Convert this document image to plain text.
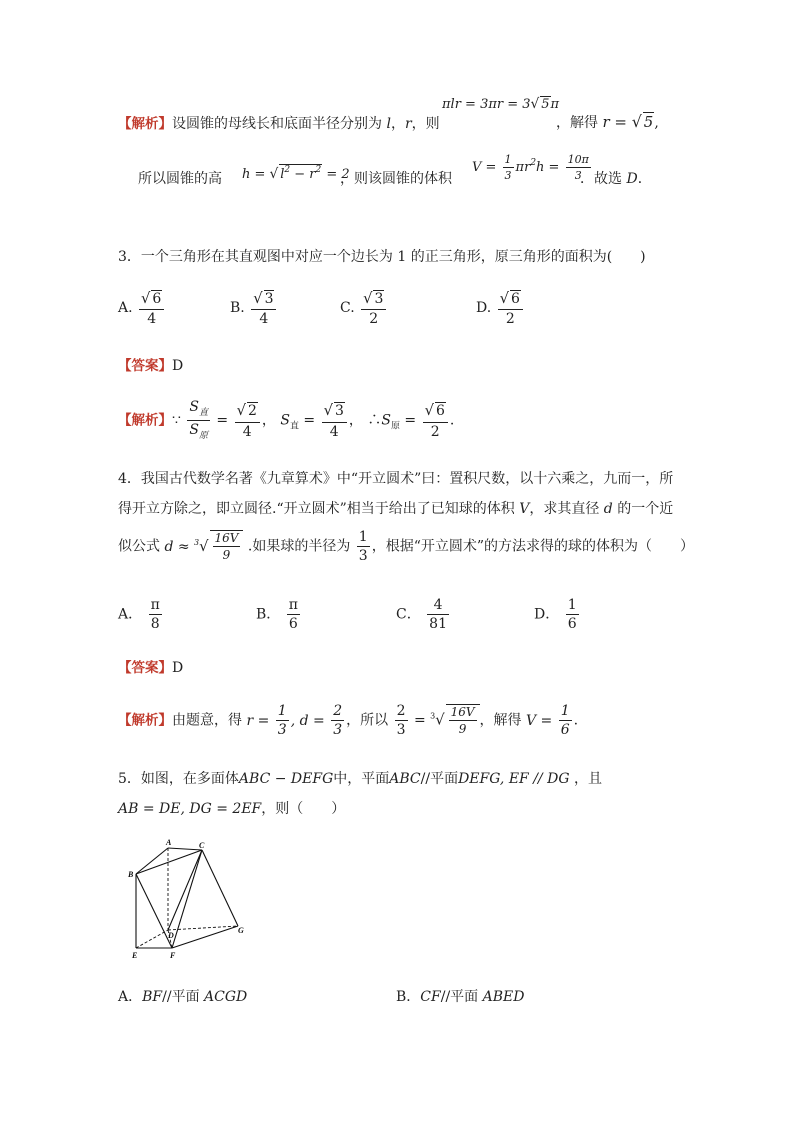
【解析】设圆锥的母线长和底面半径分别为 l，r，则
πlr = 3πr = 3√ 5π
，解得 r = √ 5,
所以圆锥的高 h = √ $l^2 - r^2 = 2$
，则该圆锥的体积
$V = \frac{1}{3} \pi r^2h = \frac{10\pi}{3}$
．故选 D．
3．一个三角形在其直观图中对应一个边长为 1 的正三角形，原三角形的面积为(　　)
A. $\frac{√ 6}{4}$	B. $\frac{√ 3}{4}$	C. $\frac{√ 3}{2}$	D. $\frac{√ 6}{2}$
【答案】D
【解析】∵ $\frac{S_直}{S_原} = \frac{√ 2}{4}$ ， $S_直 = \frac{√ 3}{4}$ ， $\therefore S_原 = \frac{√ 6}{2}$ .
4．我国古代数学名著《九章算术》中“开立圆术”曰：置积尺数，以十六乘之，九而一，所
得开立方除之，即立圆径.“开立圆术”相当于给出了已知球的体积 V，求其直径 d 的一个近
似公式 $d \approx ^3√ \frac{16V}{9}$ .如果球的半径为 $\frac{1}{3}$ ，根据“开立圆术”的方法求得的球的体积为（　　）
A． $\frac{\pi}{8}$	B． $\frac{\pi}{6}$	C． $\frac{4}{81}$	D． $\frac{1}{6}$
【答案】D
【解析】由题意，得 $r = \frac{1}{3}$ , $d = \frac{2}{3}$ ，所以 $\frac{2}{3} = ^3√ \frac{16V}{9}$ ，解得 $V = \frac{1}{6}$ .
5．如图，在多面体ABC − DEFG中，平面ABC//平面DEFG, EF // DG ，且
AB = DE, DG = 2EF，则（　　）
A
B
C
D
E	F
G
A．BF//平面 ACGD	B．CF//平面 ABED
